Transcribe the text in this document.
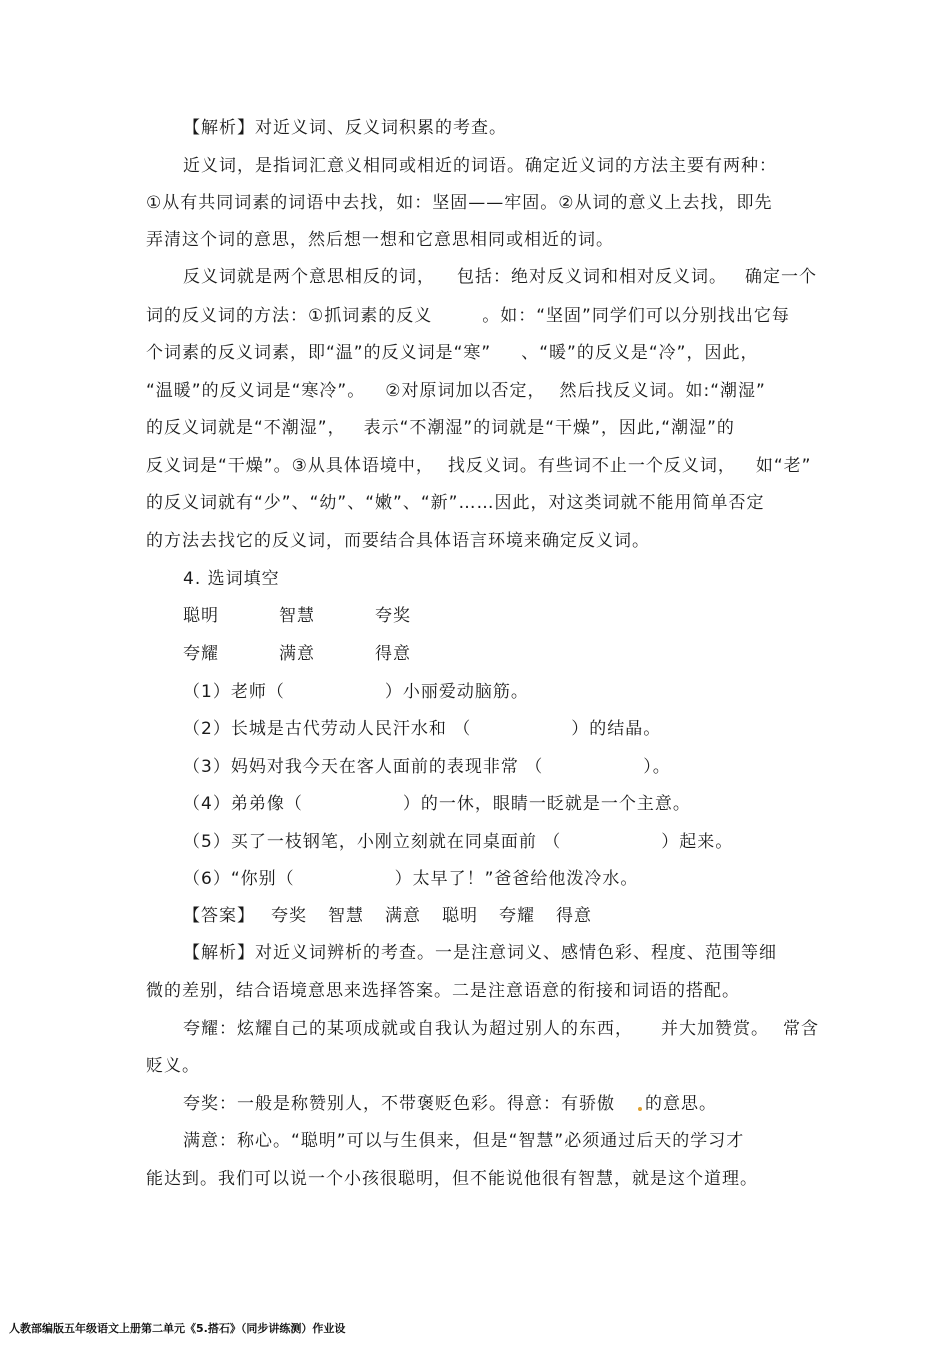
【解析】对近义词、反义词积累的考查。
近义词，是指词汇意义相同或相近的词语。确定近义词的方法主要有两种：
①从有共同词素的词语中去找，如：坚固——牢固。②从词的意义上去找，即先
弄清这个词的意思，然后想一想和它意思相同或相近的词。
反义词就是两个意思相反的词， 包括：绝对反义词和相对反义词。 确定一个
词的反义词的方法：①抓词素的反义	。如：“坚固”同学们可以分别找出它每
个词素的反义词素，即“温”的反义词是“寒” 、“暖”的反义是“冷”，因此，
“温暖”的反义词是“寒冷”。 ②对原词加以否定， 然后找反义词。如:“潮湿”
的反义词就是“不潮湿”， 表示“不潮湿”的词就是“干燥”，因此,“潮湿”的
反义词是“干燥”。③从具体语境中， 找反义词。有些词不止一个反义词， 如“老”
的反义词就有“少”、“幼”、“嫩”、“新”……因此，对这类词就不能用简单否定
的方法去找它的反义词，而要结合具体语言环境来确定反义词。
4. 选词填空
聪明	智慧	夸奖
夸耀	满意	得意
（1）老师（	）小丽爱动脑筋。
（2）长城是古代劳动人民汗水和 （	）的结晶。
（3）妈妈对我今天在客人面前的表现非常 （	）。
（4）弟弟像（	）的一休，眼睛一眨就是一个主意。
（5）买了一枝钢笔，小刚立刻就在同桌面前 （	）起来。
（6）“你别（	）太早了！”爸爸给他泼冷水。
【答案】 夸奖 智慧 满意 聪明 夸耀 得意
【解析】对近义词辨析的考查。一是注意词义、感情色彩、程度、范围等细
微的差别，结合语境意思来选择答案。二是注意语意的衔接和词语的搭配。
夸耀：炫耀自己的某项成就或自我认为超过别人的东西， 并大加赞赏。 常含
贬义。
夸奖：一般是称赞别人，不带褒贬色彩。得意：有骄傲 的意思。
满意：称心。“聪明”可以与生俱来，但是“智慧”必须通过后天的学习才
能达到。我们可以说一个小孩很聪明，但不能说他很有智慧，就是这个道理。
人教部编版五年级语文上册第二单元《5.搭石》（同步讲练测）作业设
